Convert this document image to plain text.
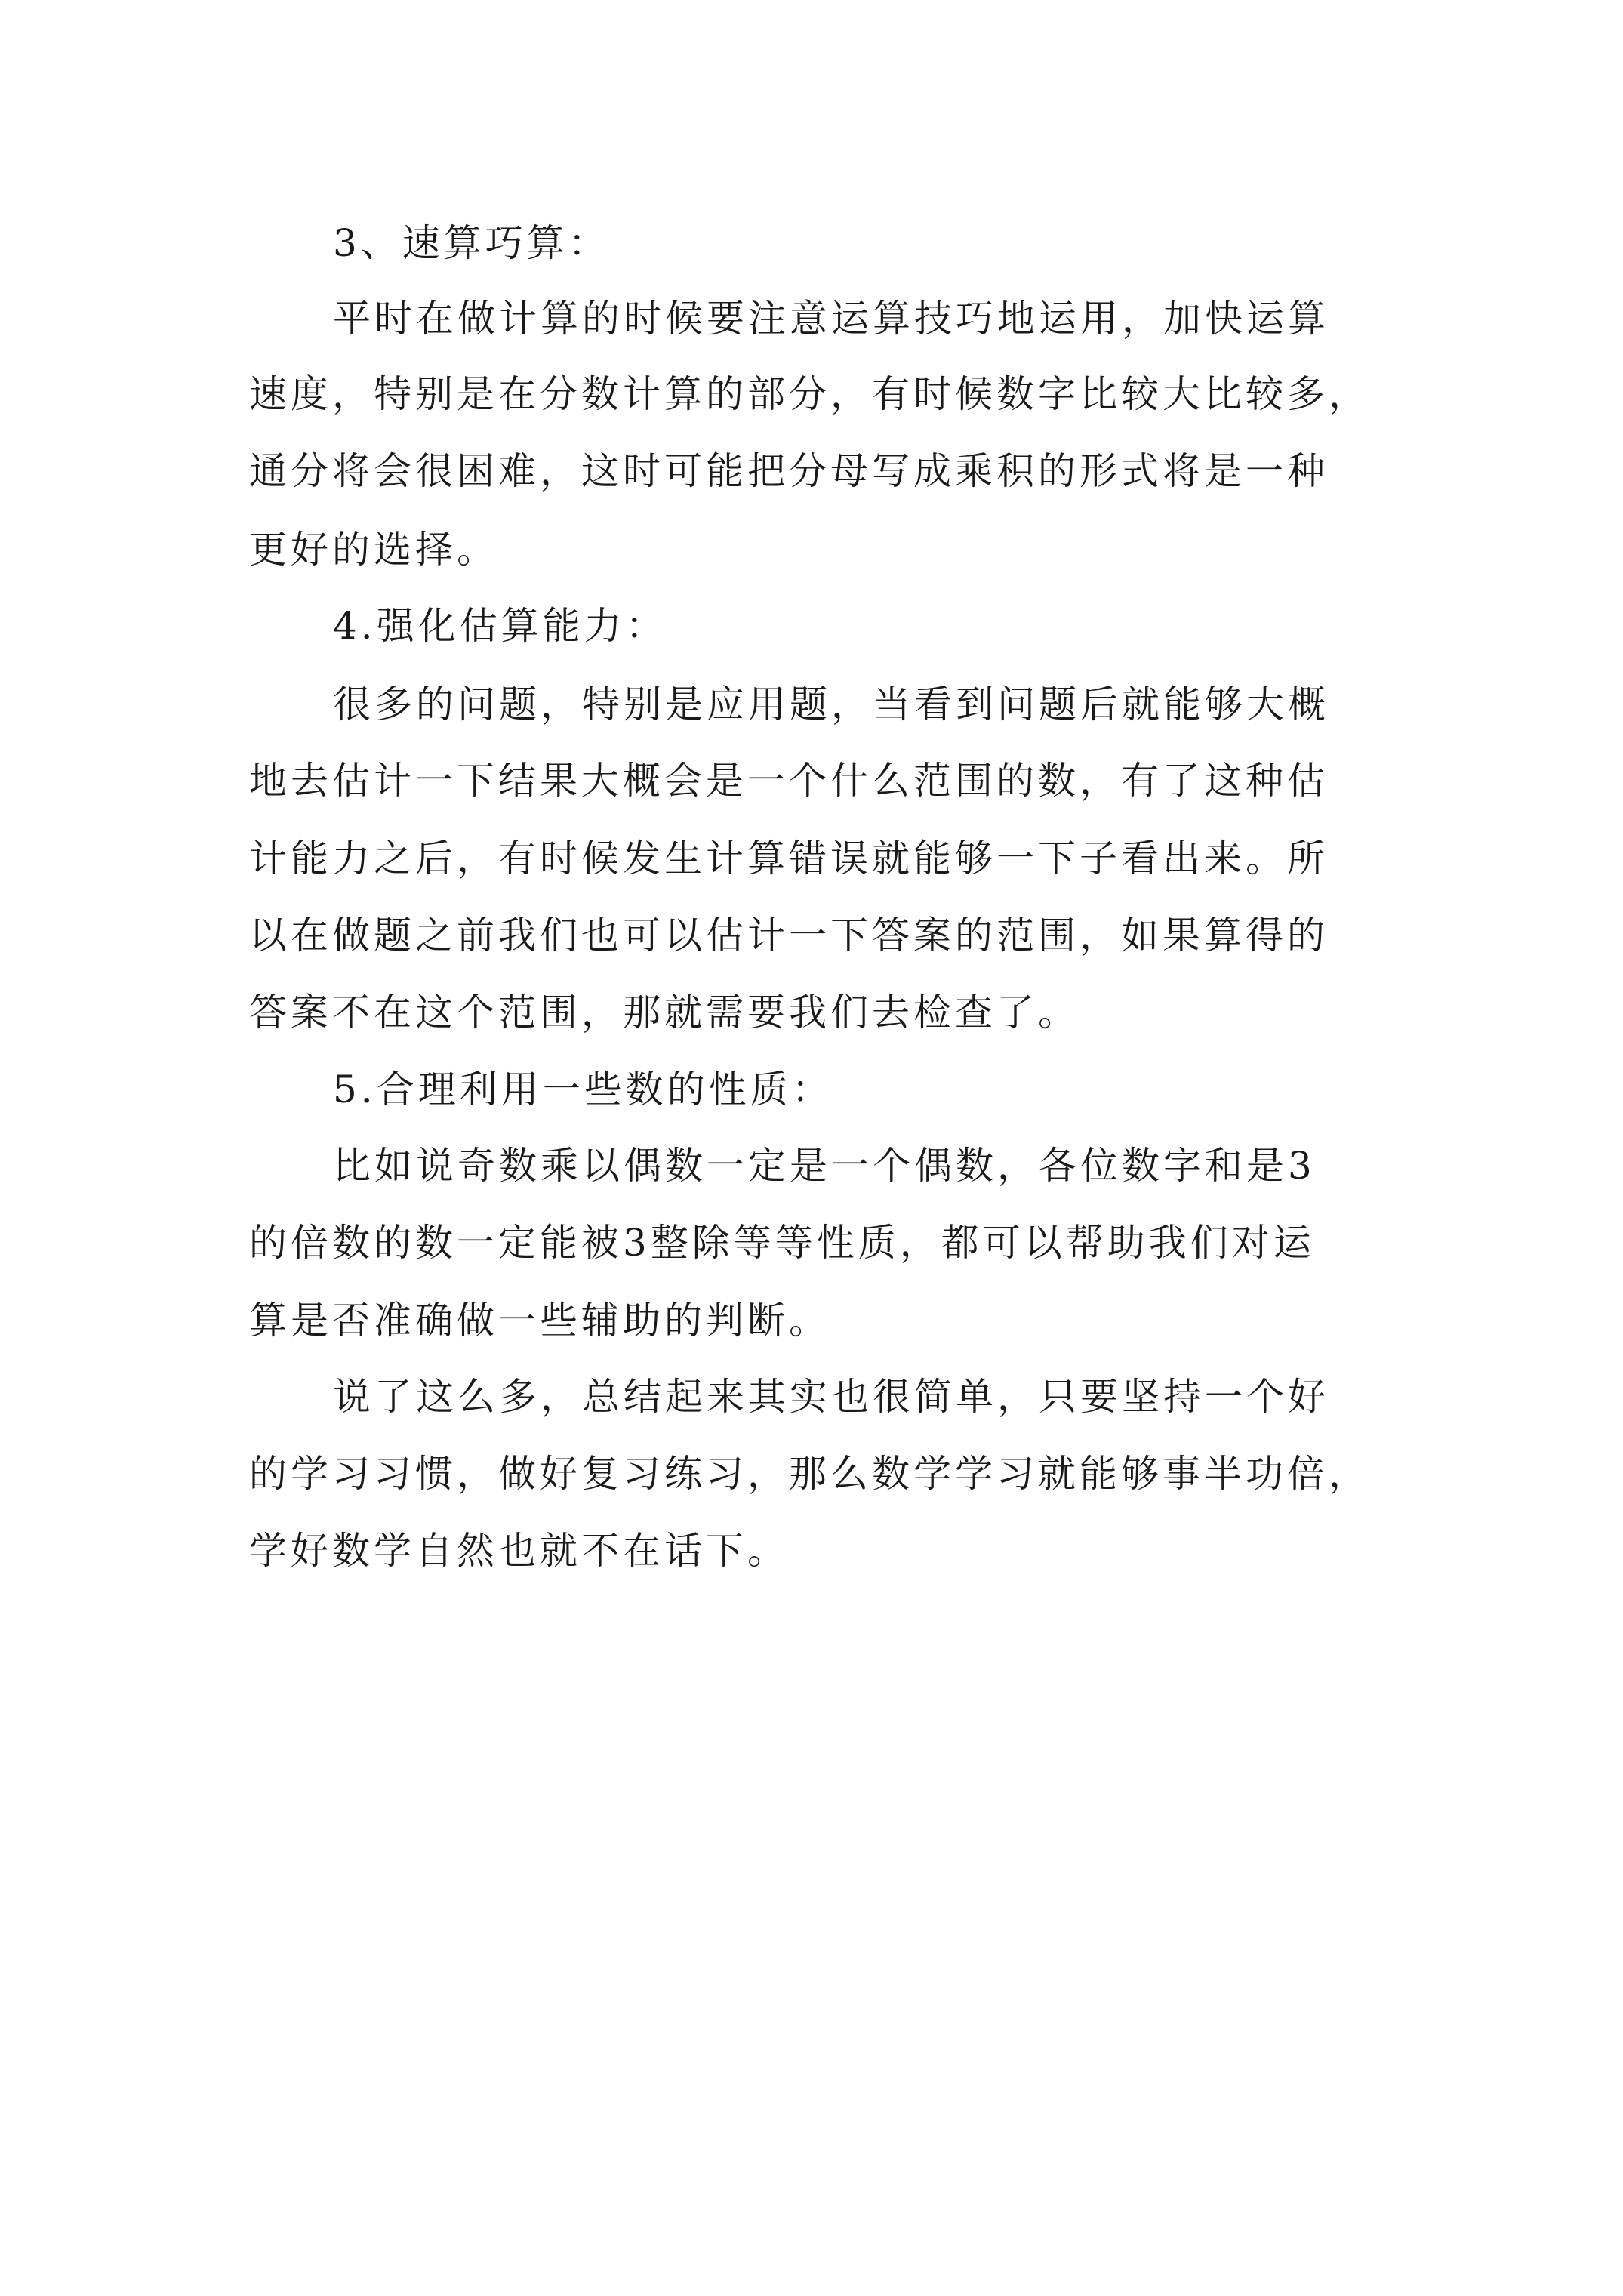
3、速算巧算：
平时在做计算的时候要注意运算技巧地运用，加快运算
速度，特别是在分数计算的部分，有时候数字比较大比较多，
通分将会很困难，这时可能把分母写成乘积的形式将是一种
更好的选择。
4.强化估算能力：
很多的问题，特别是应用题，当看到问题后就能够大概
地去估计一下结果大概会是一个什么范围的数，有了这种估
计能力之后，有时候发生计算错误就能够一下子看出来。所
以在做题之前我们也可以估计一下答案的范围，如果算得的
答案不在这个范围，那就需要我们去检查了。
5.合理利用一些数的性质：
比如说奇数乘以偶数一定是一个偶数，各位数字和是3
的倍数的数一定能被3整除等等性质，都可以帮助我们对运
算是否准确做一些辅助的判断。
说了这么多，总结起来其实也很简单，只要坚持一个好
的学习习惯，做好复习练习，那么数学学习就能够事半功倍，
学好数学自然也就不在话下。
